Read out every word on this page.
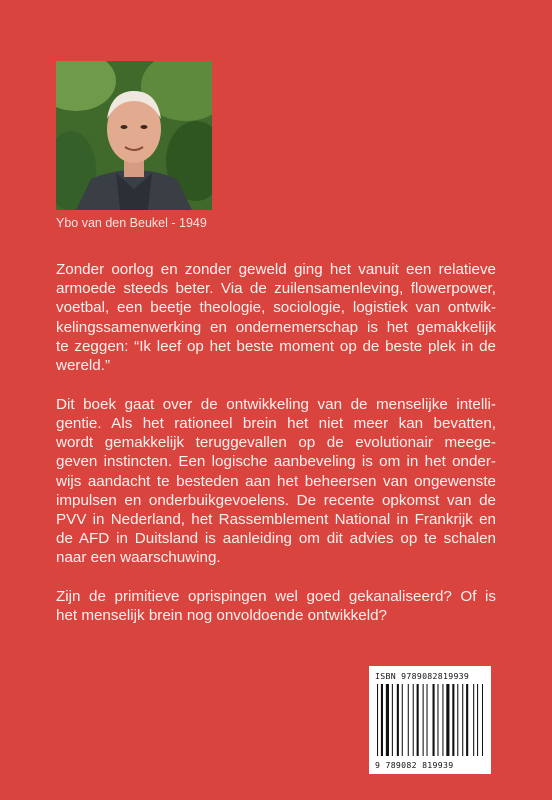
Ybo van den Beukel - 1949
Zonder oorlog en zonder geweld ging het vanuit een relatieve
armoede steeds beter. Via de zuilensamenleving, flowerpower,
voetbal, een beetje theologie, sociologie, logistiek van ontwik-
kelingssamenwerking en ondernemerschap is het gemakkelijk
te zeggen: “Ik leef op het beste moment op de beste plek in de
wereld.”
Dit boek gaat over de ontwikkeling van de menselijke intelli-
gentie. Als het rationeel brein het niet meer kan bevatten,
wordt gemakkelijk teruggevallen op de evolutionair meege-
geven instincten. Een logische aanbeveling is om in het onder-
wijs aandacht te besteden aan het beheersen van ongewenste
impulsen en onderbuikgevoelens. De recente opkomst van de
PVV in Nederland, het Rassemblement National in Frankrijk en
de AFD in Duitsland is aanleiding om dit advies op te schalen
naar een waarschuwing.
Zijn de primitieve oprispingen wel goed gekanaliseerd? Of is
het menselijk brein nog onvoldoende ontwikkeld?
ISBN 9789082819939
9 789082 819939
